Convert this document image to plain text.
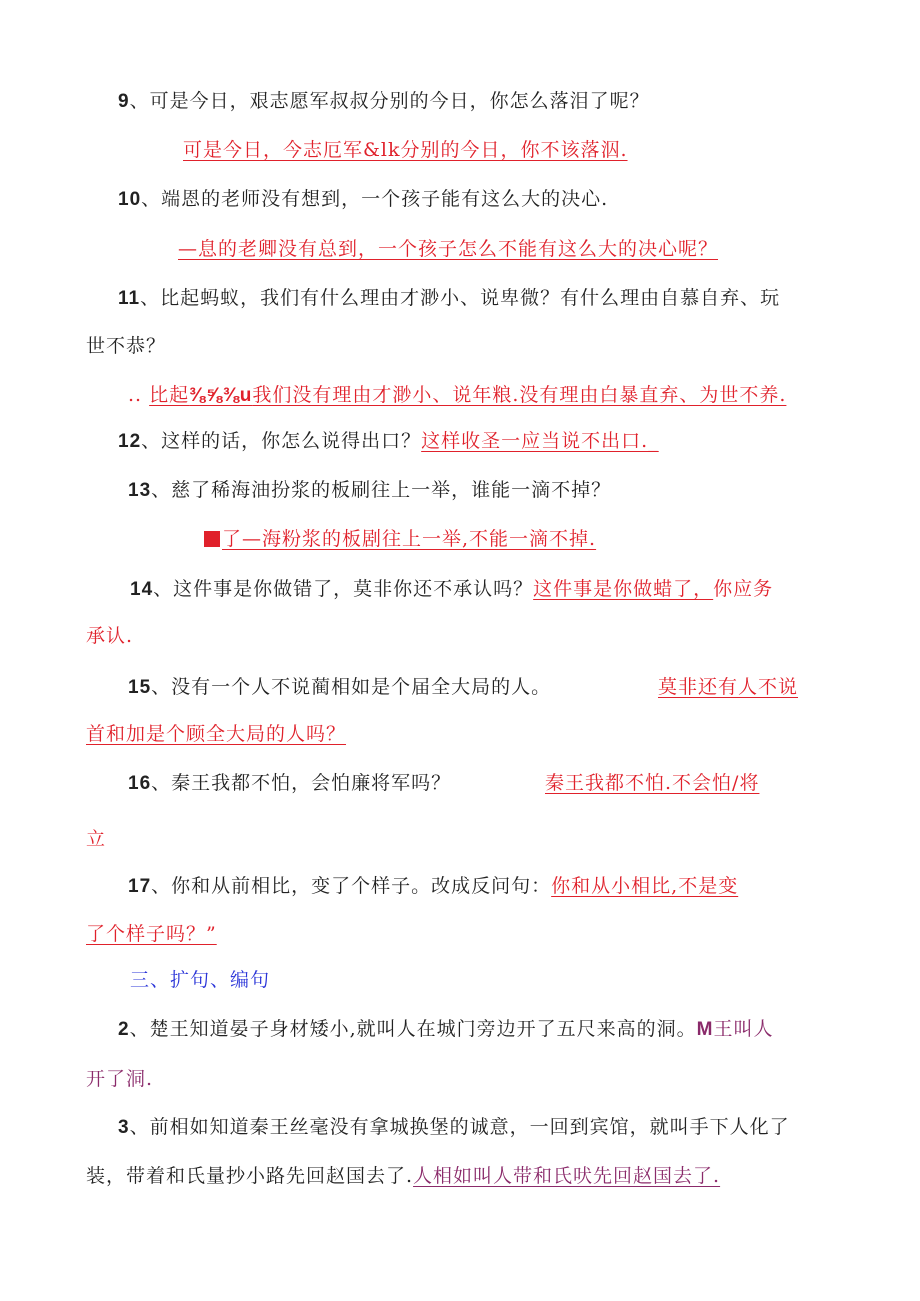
9、可是今日，艰志愿军叔叔分别的今日，你怎么落泪了呢？
可是今日，今志厄军&lk分别的今日，你不该落泅.
10、端恩的老师没有想到，一个孩子能有这么大的决心.
—息的老卿没有总到，一个孩子怎么不能有这么大的决心呢？
11、比起蚂蚁，我们有什么理由才渺小、说卑微？有什么理由自慕自弃、玩
世不恭？
.. 比起⅜⅝⅜u我们没有理由才渺小、说年粮.没有理由白暴直弃、为世不养.
12、这样的话，你怎么说得出口？这样收圣一应当说不出口._
13、慈了稀海油扮浆的板刷往上一举，谁能一滴不掉？
了—海粉浆的板剧往上一举,不能一滴不掉.
14、这件事是你做错了，莫非你还不承认吗？这件事是你做蜡了，你应务
承认.
15、没有一个人不说蔺相如是个届全大局的人。	莫非还有人不说
首和加是个顾全大局的人吗？
16、秦王我都不怕，会怕廉将军吗？	秦王我都不怕.不会怕/将
立
17、你和从前相比，变了个样子。改成反问句：你和从小相比,不是变
了个样子吗？”
三、扩句、编句
2、楚王知道晏子身材矮小,就叫人在城门旁边开了五尺来高的洞。M王叫人
开了洞.
3、前相如知道秦王丝毫没有拿城换堡的诚意，一回到宾馆，就叫手下人化了
装，带着和氏量抄小路先回赵国去了.人相如叫人带和氏吠先回赵国去了.
